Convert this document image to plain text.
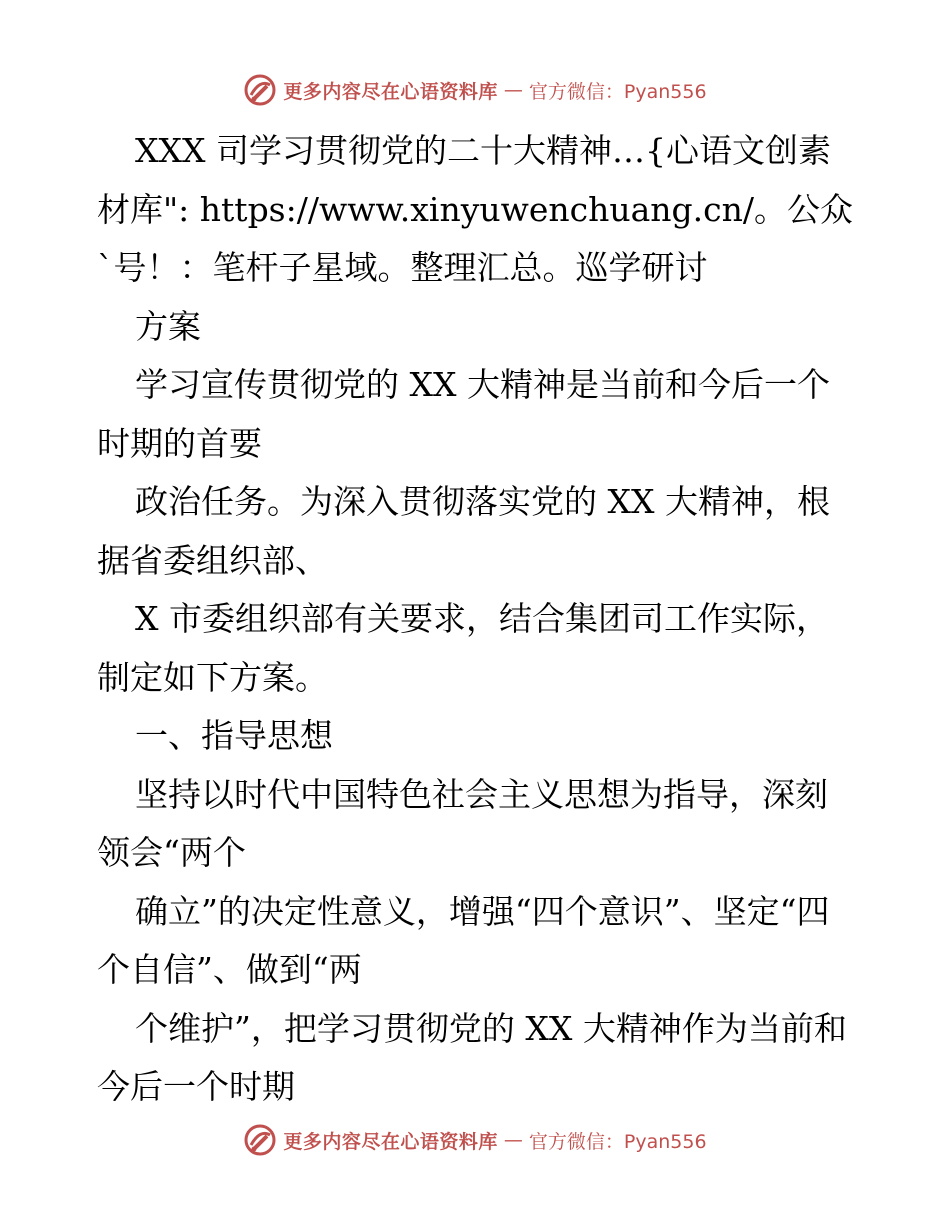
更多内容尽在心语资料库 — 官方微信：Pyan556

XXX 司学习贯彻党的二十大精神…{心语文创素材库": https://www.xinyuwenchuang.cn/。公众`号！：笔杆子星域。整理汇总。巡学研讨

方案

学习宣传贯彻党的 XX 大精神是当前和今后一个时期的首要

政治任务。为深入贯彻落实党的 XX 大精神，根据省委组织部、

X 市委组织部有关要求，结合集团司工作实际，制定如下方案。

一、指导思想

坚持以时代中国特色社会主义思想为指导，深刻领会“两个

确立”的决定性意义，增强“四个意识”、坚定“四个自信”、做到“两

个维护”，把学习贯彻党的 XX 大精神作为当前和今后一个时期

更多内容尽在心语资料库 — 官方微信：Pyan556
